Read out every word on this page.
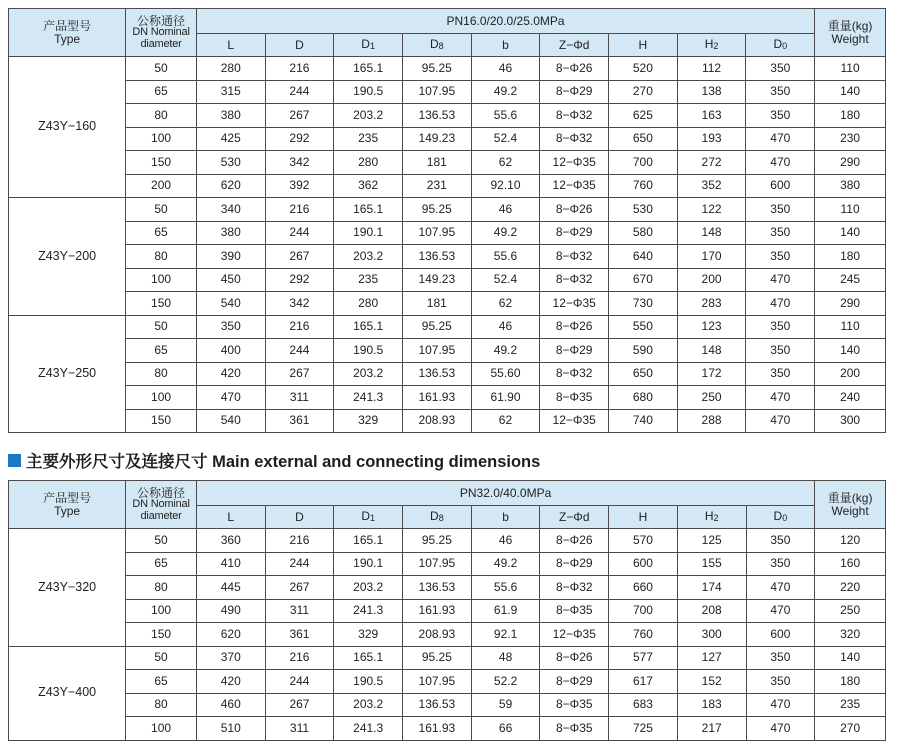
产品型号
Type	公称通径
DN Nominal
diameter	PN16.0/20.0/25.0MPa									重量(kg)
Weight

		L	D	$D_1$	$D_8$	b	Z−Φd	H	$H_2$	$D_0$
Z43Y−160	50	280	216	165.1	95.25	46	8−Φ26	520	112	350	110
	65	315	244	190.5	107.95	49.2	8−Φ29	270	138	350	140
	80	380	267	203.2	136.53	55.6	8−Φ32	625	163	350	180
	100	425	292	235	149.23	52.4	8−Φ32	650	193	470	230
	150	530	342	280	181	62	12−Φ35	700	272	470	290
	200	620	392	362	231	92.10	12−Φ35	760	352	600	380
Z43Y−200	50	340	216	165.1	95.25	46	8−Φ26	530	122	350	110
	65	380	244	190.1	107.95	49.2	8−Φ29	580	148	350	140
	80	390	267	203.2	136.53	55.6	8−Φ32	640	170	350	180
	100	450	292	235	149.23	52.4	8−Φ32	670	200	470	245
	150	540	342	280	181	62	12−Φ35	730	283	470	290
Z43Y−250	50	350	216	165.1	95.25	46	8−Φ26	550	123	350	110
	65	400	244	190.5	107.95	49.2	8−Φ29	590	148	350	140
	80	420	267	203.2	136.53	55.60	8−Φ32	650	172	350	200
	100	470	311	241.3	161.93	61.90	8−Φ35	680	250	470	240
	150	540	361	329	208.93	62	12−Φ35	740	288	470	300
主要外形尺寸及连接尺寸 Main external and connecting dimensions
产品型号
Type	公称通径
DN Nominal
diameter	PN32.0/40.0MPa									重量(kg)
Weight

		L	D	$D_1$	$D_8$	b	Z−Φd	H	$H_2$	$D_0$
Z43Y−320	50	360	216	165.1	95.25	46	8−Φ26	570	125	350	120
	65	410	244	190.1	107.95	49.2	8−Φ29	600	155	350	160
	80	445	267	203.2	136.53	55.6	8−Φ32	660	174	470	220
	100	490	311	241.3	161.93	61.9	8−Φ35	700	208	470	250
	150	620	361	329	208.93	92.1	12−Φ35	760	300	600	320
Z43Y−400	50	370	216	165.1	95.25	48	8−Φ26	577	127	350	140
	65	420	244	190.5	107.95	52.2	8−Φ29	617	152	350	180
	80	460	267	203.2	136.53	59	8−Φ35	683	183	470	235
	100	510	311	241.3	161.93	66	8−Φ35	725	217	470	270
